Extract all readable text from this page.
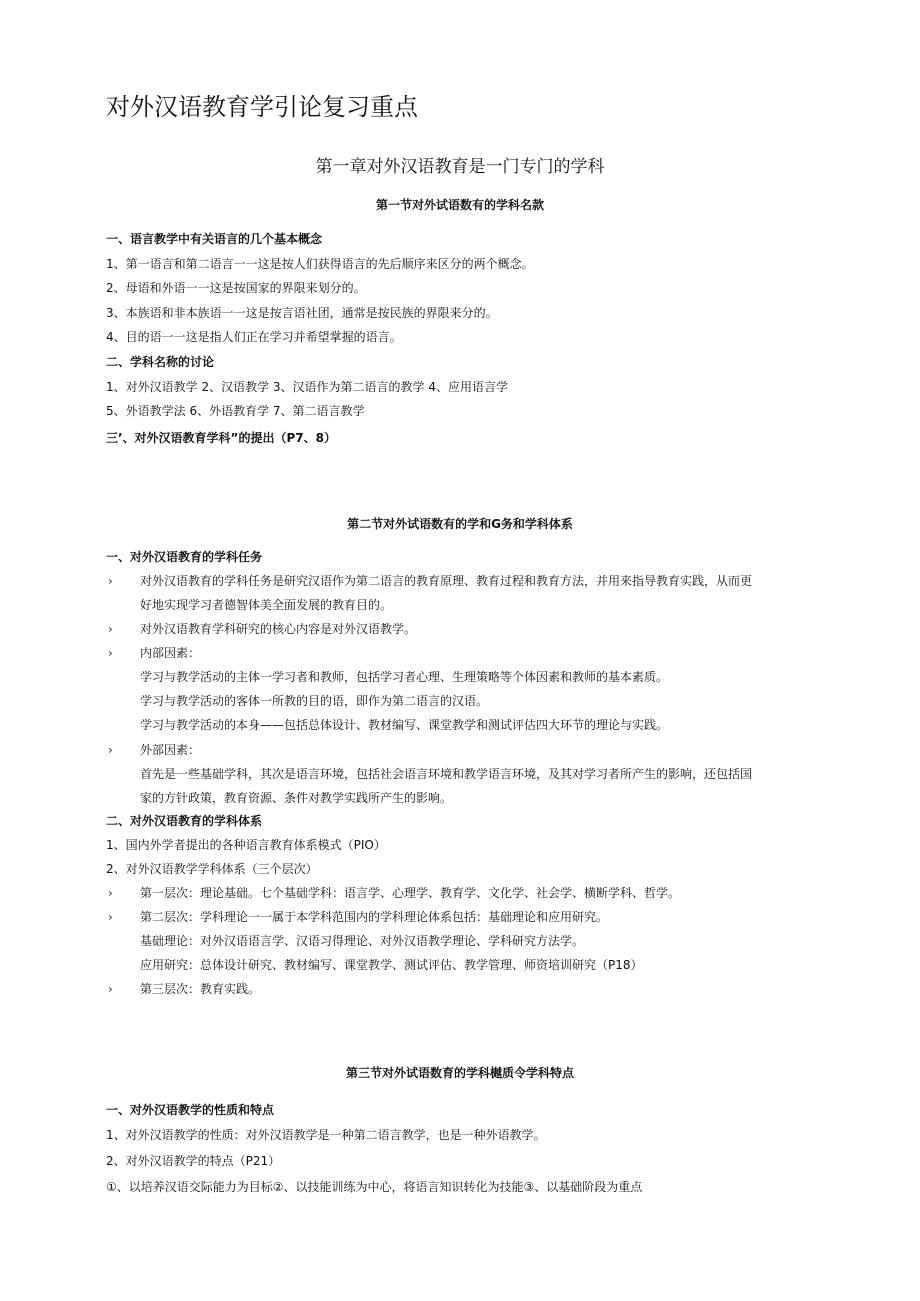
对外汉语教育学引论复习重点
第一章对外汉语教育是一门专门的学科
第一节对外试语数有的学科名款
一、语言教学中有关语言的几个基本概念
1、第一语言和第二语言一一这是按人们获得语言的先后顺序来区分的两个概念。
2、母语和外语一一这是按国家的界限来划分的。
3、本族语和非本族语一一这是按言语社团，通常是按民族的界限来分的。
4、目的语一一这是指人们正在学习并希望掌握的语言。
二、学科名称的讨论
1、对外汉语教学 2、汉语教学 3、汉语作为第二语言的教学 4、应用语言学
5、外语教学法 6、外语教育学 7、第二语言教学
三’、对外汉语教育学科”的提出（P7、8）
第二节对外试语数有的学和G务和学科体系
一、对外汉语教育的学科任务
› 对外汉语教育的学科任务是研究汉语作为第二语言的教育原理、教育过程和教育方法，并用来指导教育实践，从而更
好地实现学习者德智体美全面发展的教育目的。
› 对外汉语教育学科研究的核心内容是对外汉语教学。
› 内部因素：
学习与教学活动的主体一学习者和教师，包括学习者心理、生理策略等个体因素和教师的基本素质。
学习与教学活动的客体一所教的目的语，即作为第二语言的汉语。
学习与教学活动的本身——包括总体设计、教材编写、课堂教学和测试评估四大环节的理论与实践。
› 外部因素：
首先是一些基础学科，其次是语言环境，包括社会语言环境和教学语言环境，及其对学习者所产生的影响，还包括国
家的方针政策，教育资源、条件对教学实践所产生的影响。
二、对外汉语教育的学科体系
1、国内外学者提出的各种语言教育体系模式（PIO）
2、对外汉语教学学科体系（三个层次）
› 第一层次：理论基础。七个基础学科：语言学、心理学、教育学、文化学、社会学、横断学科、哲学。
› 第二层次：学科理论一一属于本学科范围内的学科理论体系包括：基础理论和应用研究。
基础理论：对外汉语语言学、汉语习得理论、对外汉语教学理论、学科研究方法学。
应用研究：总体设计研究、教材编写、课堂教学、测试评估、教学管理、师资培训研究（P18）
› 第三层次：教育实践。
第三节对外试语数育的学科樾质令学科特点
一、对外汉语教学的性质和特点
1、对外汉语教学的性质：对外汉语教学是一种第二语言教学，也是一种外语教学。
2、对外汉语教学的特点（P21）
①、以培养汉语交际能力为目标②、以技能训练为中心，将语言知识转化为技能③、以基础阶段为重点
